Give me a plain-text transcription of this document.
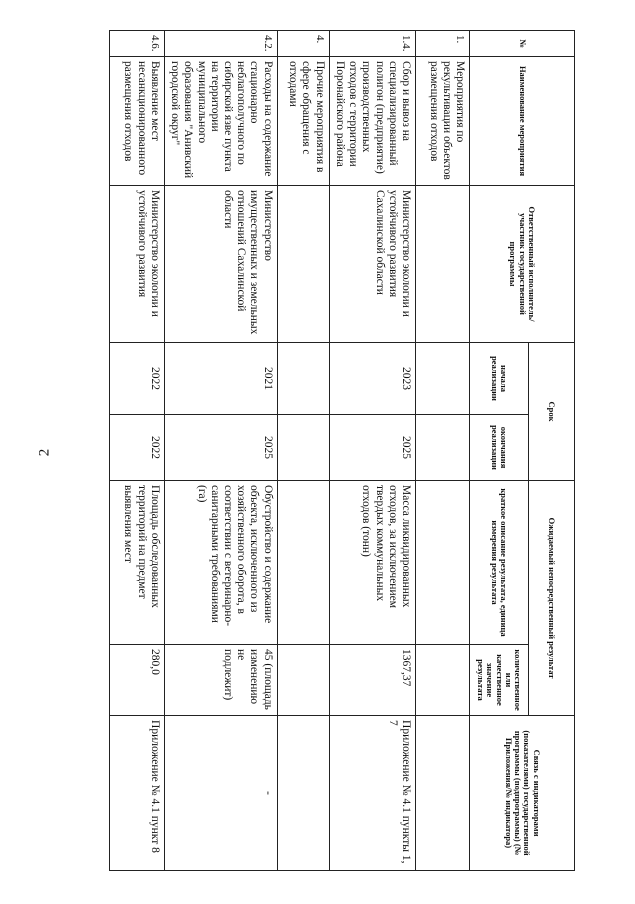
2
№	Наименование мероприятия	Ответственный исполнитель/участник государственной программы	Срок		Ожидаемый непосредственный результат		Связь с индикаторами (показателями) государственной программы (подпрограммы) (№ Приложения/№ индикатора)
			начала реализации	окончания реализации	краткое описание результата, единица измерения результата	количественное или качественное значение результата	
1.	Мероприятия по рекультивации объектов размещения отходов						
1.4.	Сбор и вывоз на специализированный полигон (предприятие) производственных отходов с территории Поронайского района	Министерство экологии и устойчивого развития Сахалинской области	2023	2025	Масса ликвидированных отходов, за исключением твердых коммунальных отходов (тонн)	1367,37	Приложение № 4.1 пункты 1, 7
4.	Прочие мероприятия в сфере обращения с отходами						
4.2.	Расходы на содержание стационарно неблагополучного по сибирской язве пункта на территории муниципального образования "Анивский городской округ"	Министерство имущественных и земельных отношений Сахалинской области	2021	2025	Обустройство и содержание объекта, исключенного из хозяйственного оборота, в соответствии с ветеринарно-санитарными требованиями (га)	45 (площадь изменению не подлежит)	-
4.6.	Выявление мест несанкционированного размещения отходов	Министерство экологии и устойчивого развития	2022	2022	Площадь обследованных территорий на предмет выявления мест	280,0	Приложение № 4.1 пункт 8
